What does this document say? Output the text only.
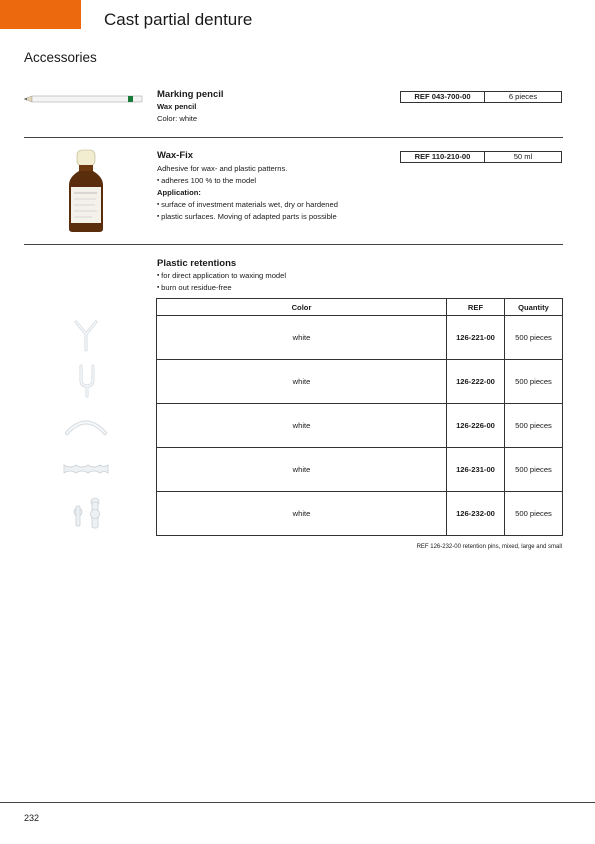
Cast partial denture
Accessories
Marking pencil
Wax pencil
Color: white
REF 043-700-00	6 pieces
Wax-Fix
Adhesive for wax- and plastic patterns.
▪ adheres 100 % to the model
Application:
▪ surface of investment materials wet, dry or hardened
▪ plastic surfaces. Moving of adapted parts is possible
REF 110-210-00	50 ml
Plastic retentions
▪ for direct application to waxing model
▪ burn out residue-free
Color	REF	Quantity
white	126-221-00	500 pieces
white	126-222-00	500 pieces
white	126-226-00	500 pieces
white	126-231-00	500 pieces
white	126-232-00	500 pieces
REF 126-232-00 retention pins, mixed, large and small
232
